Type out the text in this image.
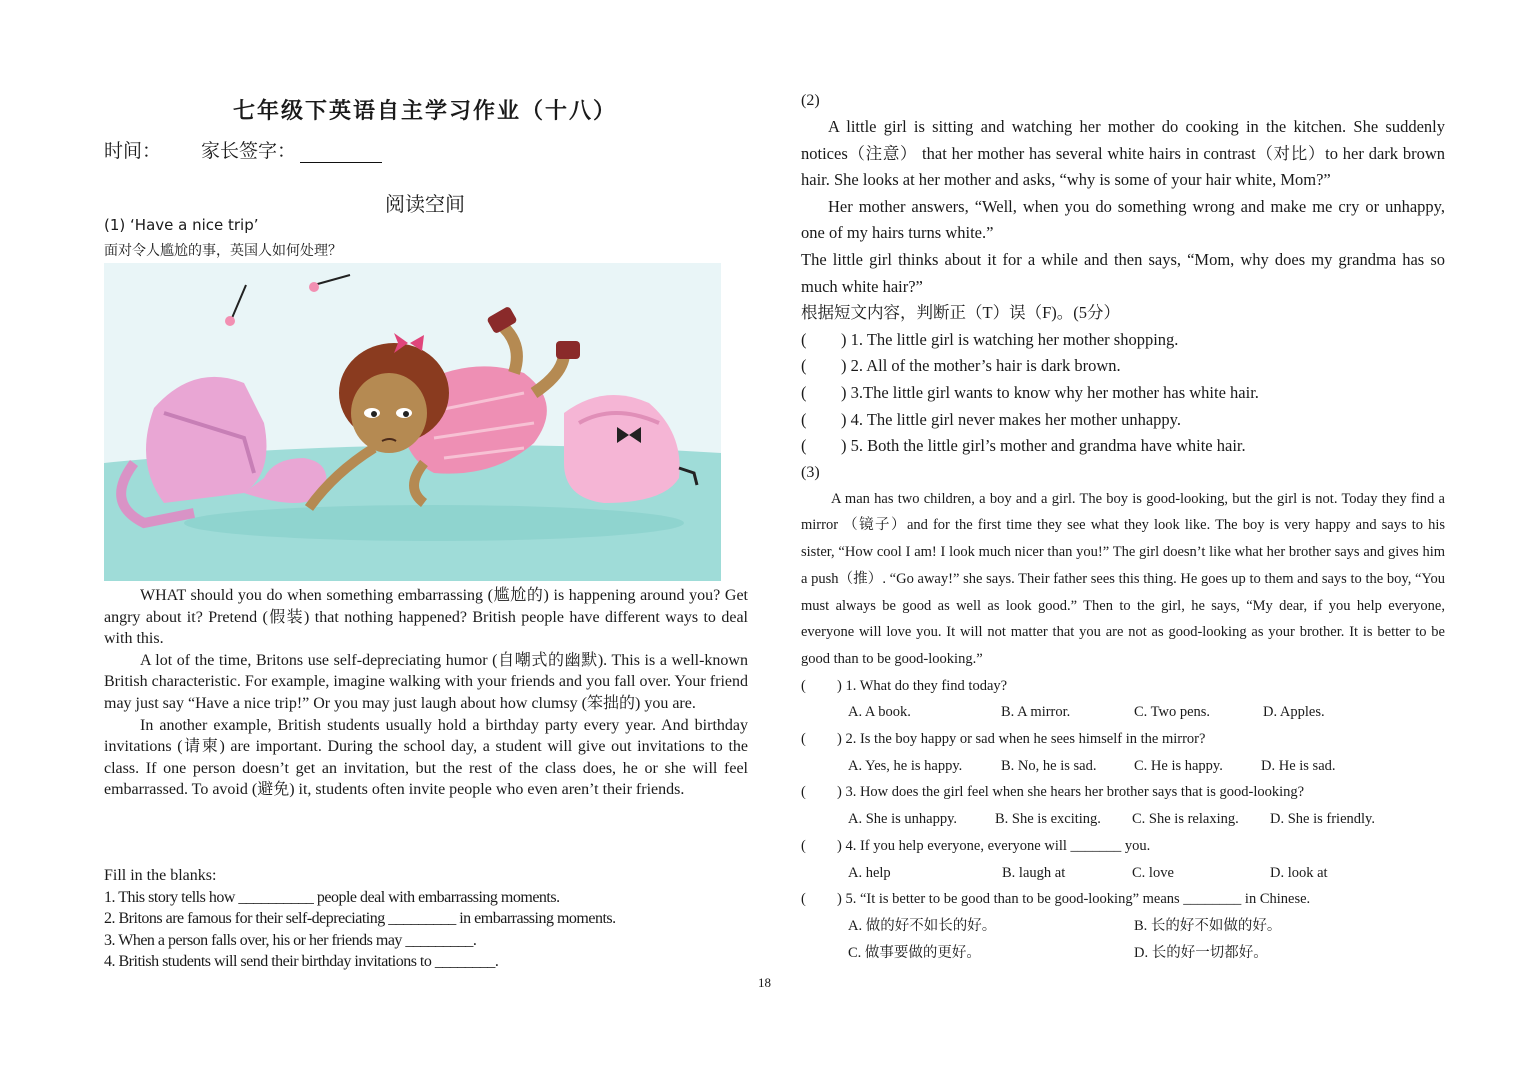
七年级下英语自主学习作业（十八）
时间： 家长签字：
阅读空间
(1) ‘Have a nice trip’
面对令人尴尬的事，英国人如何处理？

WHAT should you do when something embarrassing (尴尬的) is happening around you? Get angry about it? Pretend (假装) that nothing happened? British people have different ways to deal with this.

A lot of the time, Britons use self-depreciating humor (自嘲式的幽默). This is a well-known British characteristic. For example, imagine walking with your friends and you fall over. Your friend may just say “Have a nice trip!” Or you may just laugh about how clumsy (笨拙的) you are.

In another example, British students usually hold a birthday party every year. And birthday invitations (请柬) are important. During the school day, a student will give out invitations to the class. If one person doesn’t get an invitation, but the rest of the class does, he or she will feel embarrassed. To avoid (避免) it, students often invite people who even aren’t their friends.

Fill in the blanks:
1. This story tells how __________ people deal with embarrassing moments.
2. Britons are famous for their self-depreciating _________ in embarrassing moments.
3. When a person falls over, his or her friends may _________.
4. British students will send their birthday invitations to ________.
18
(2)

A little girl is sitting and watching her mother do cooking in the kitchen. She suddenly notices（注意） that her mother has several white hairs in contrast（对比）to her dark brown hair. She looks at her mother and asks, “why is some of your hair white, Mom?”

Her mother answers, “Well, when you do something wrong and make me cry or unhappy, one of my hairs turns white.”

The little girl thinks about it for a while and then says, “Mom, why does my grandma has so much white hair?”

根据短文内容，判断正（T）误（F)。(5分）

( ) 1. The little girl is watching her mother shopping.
( ) 2. All of the mother’s hair is dark brown.
( ) 3.The little girl wants to know why her mother has white hair.
( ) 4. The little girl never makes her mother unhappy.
( ) 5. Both the little girl’s mother and grandma have white hair.
(3)

A man has two children, a boy and a girl. The boy is good-looking, but the girl is not. Today they find a mirror （镜子）and for the first time they see what they look like. The boy is very happy and says to his sister, “How cool I am! I look much nicer than you!” The girl doesn’t like what her brother says and gives him a push（推）. “Go away!” she says. Their father sees this thing. He goes up to them and says to the boy, “You must always be good as well as look good.” Then to the girl, he says, “My dear, if you help everyone, everyone will love you. It will not matter that you are not as good-looking as your brother. It is better to be good than to be good-looking.”

( ) 1. What do they find today?
A. A book.	B. A mirror.	C. Two pens.	D. Apples.
( ) 2. Is the boy happy or sad when he sees himself in the mirror?
A. Yes, he is happy.	B. No, he is sad.	C. He is happy.	D. He is sad.
( ) 3. How does the girl feel when she hears her brother says that is good-looking?
A. She is unhappy.	B. She is exciting. C. She is relaxing. D. She is friendly.
( ) 4. If you help everyone, everyone will _______ you.
A. help	B. laugh at	C. love	D. look at
( ) 5. “It is better to be good than to be good-looking” means ________ in Chinese.
A. 做的好不如长的好。	B. 长的好不如做的好。
C. 做事要做的更好。	D. 长的好一切都好。
